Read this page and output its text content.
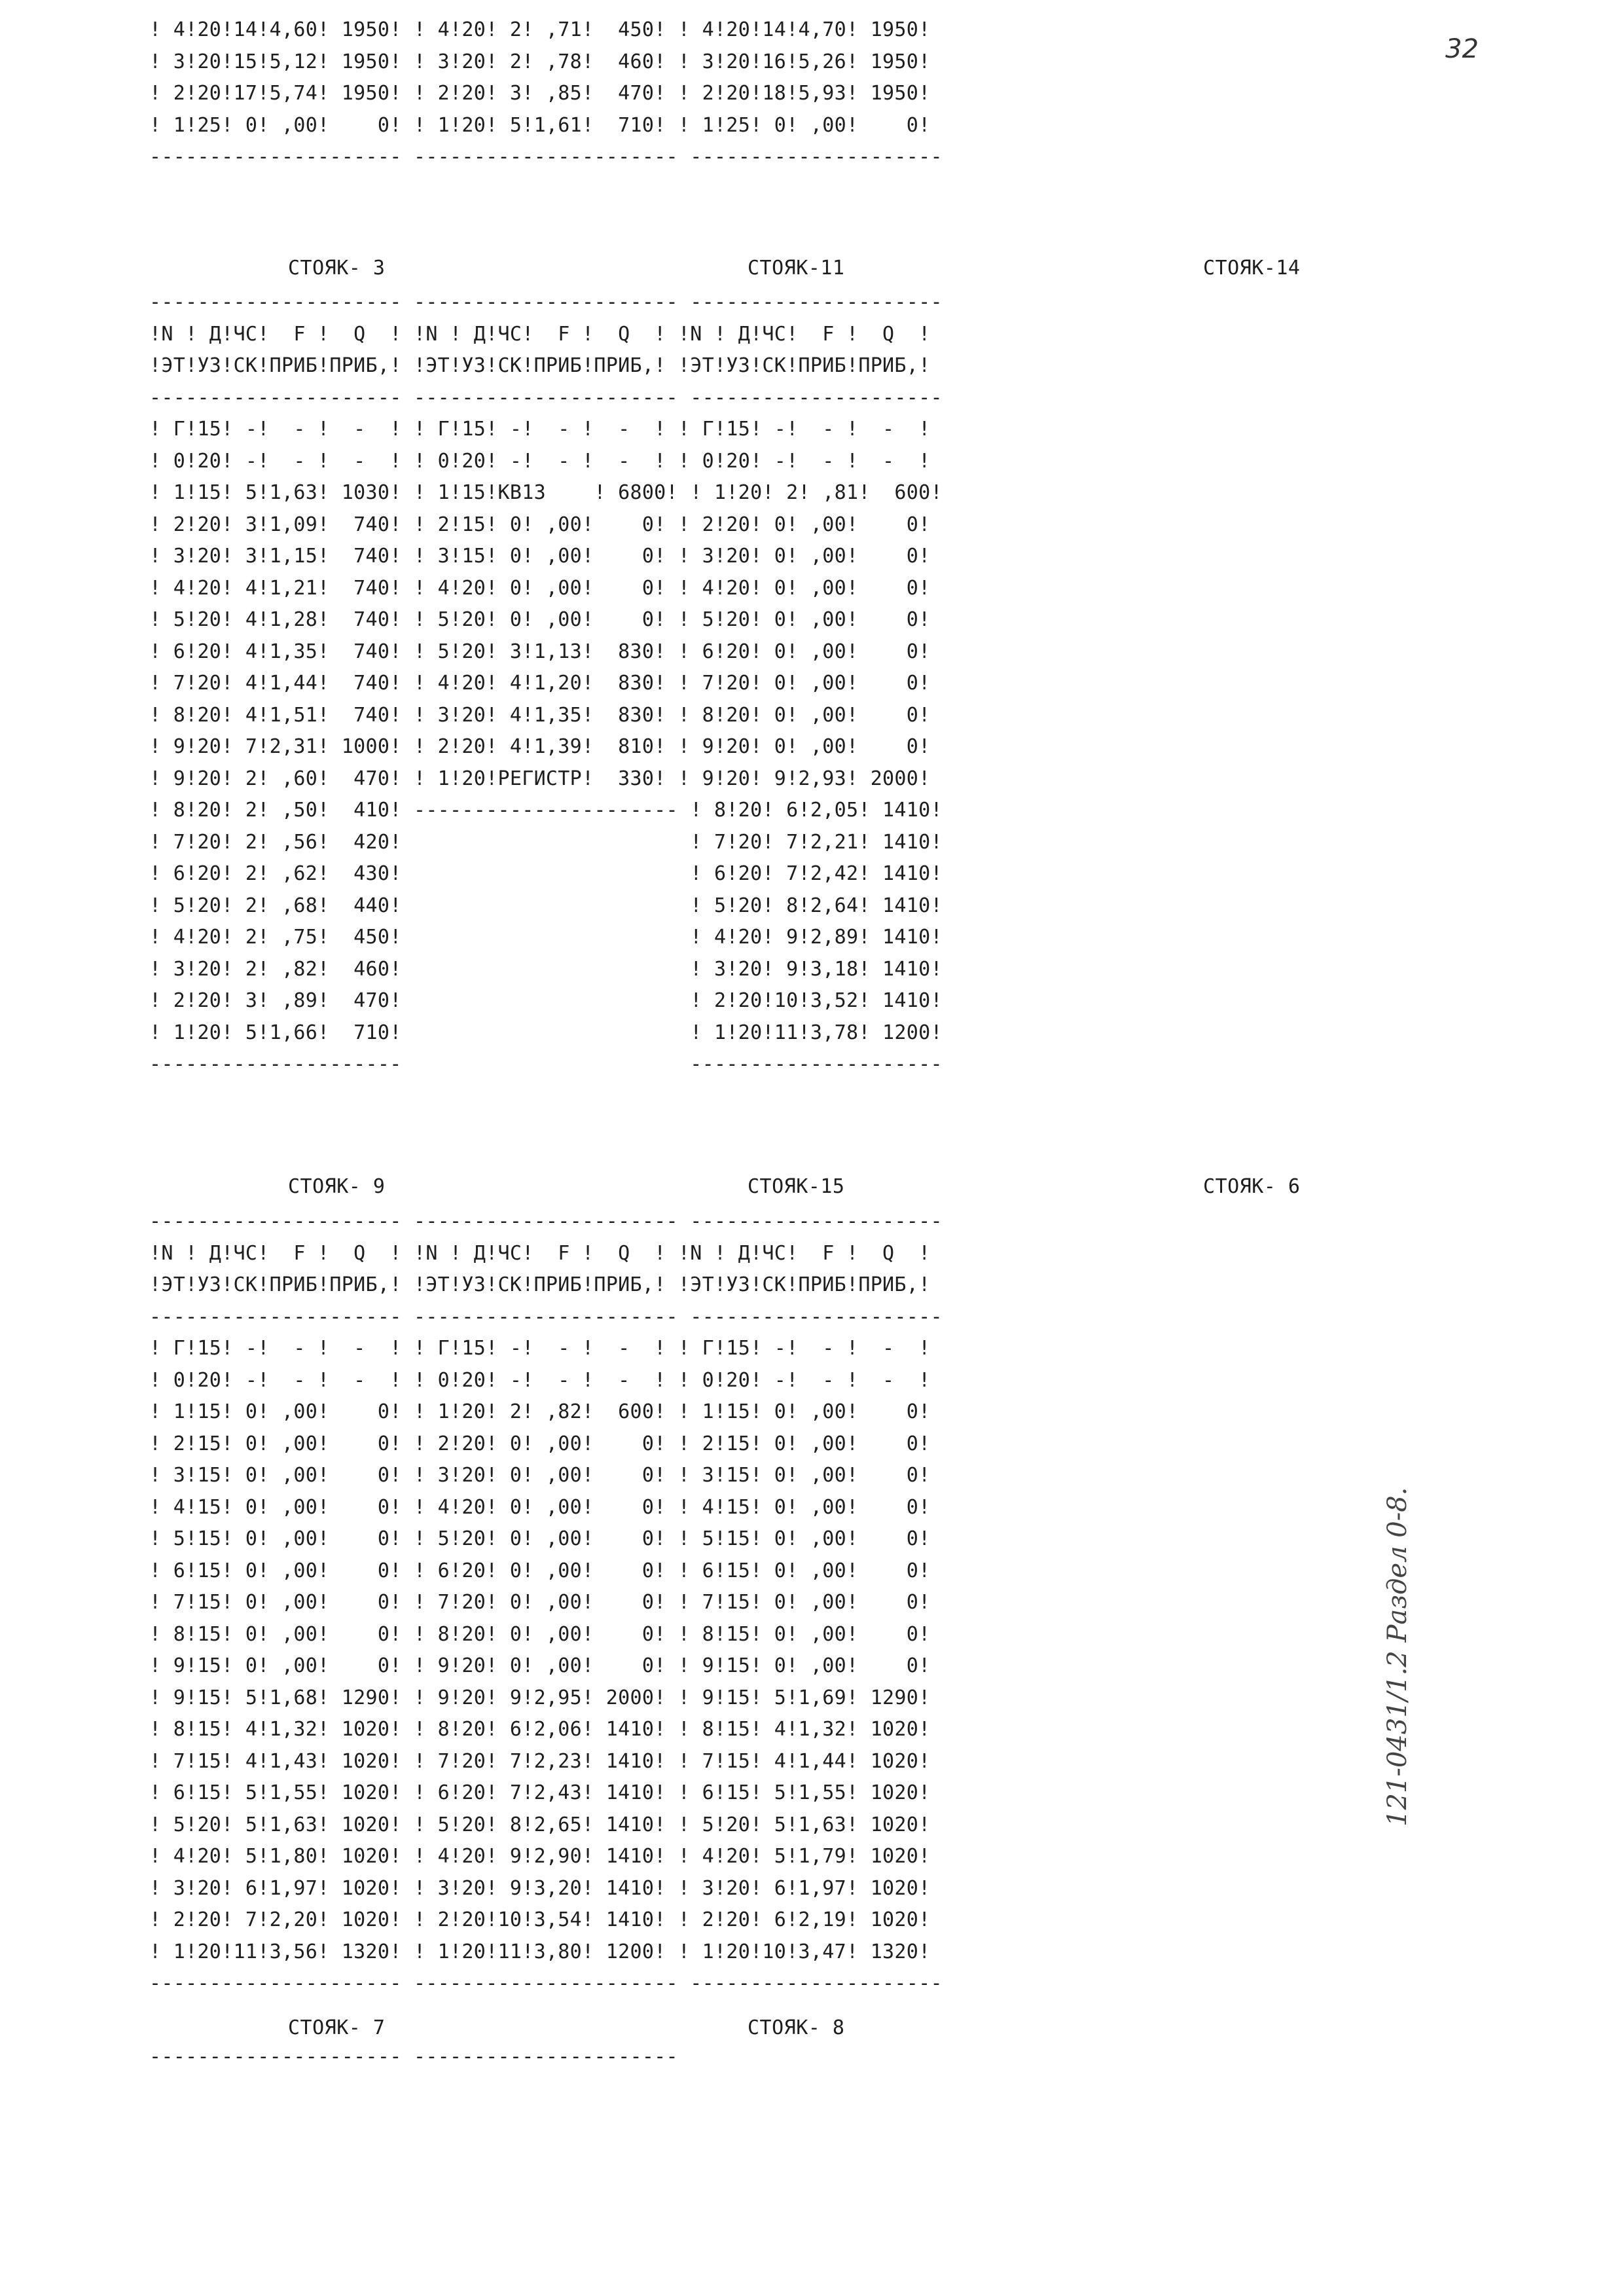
32
! 4!20!14!4,60! 1950! ! 4!20! 2! ,71!  450! ! 4!20!14!4,70! 1950!
! 3!20!15!5,12! 1950! ! 3!20! 2! ,78!  460! ! 3!20!16!5,26! 1950!
! 2!20!17!5,74! 1950! ! 2!20! 3! ,85!  470! ! 2!20!18!5,93! 1950!
! 1!25! 0! ,00!    0! ! 1!20! 5!1,61!  710! ! 1!25! 0! ,00!    0!
--------------------- ---------------------- ---------------------
СТОЯК- 3	СТОЯК-11	СТОЯК-14
--------------------- ---------------------- ---------------------
!N ! Д!ЧС!  F !  Q  ! !N ! Д!ЧС!  F !  Q  ! !N ! Д!ЧС!  F !  Q  !
!ЭТ!УЗ!СК!ПРИБ!ПРИБ,! !ЭТ!УЗ!СК!ПРИБ!ПРИБ,! !ЭТ!УЗ!СК!ПРИБ!ПРИБ,!
--------------------- ---------------------- ---------------------
! Г!15! -!  - !  -  ! ! Г!15! -!  - !  -  ! ! Г!15! -!  - !  -  !
! 0!20! -!  - !  -  ! ! 0!20! -!  - !  -  ! ! 0!20! -!  - !  -  !
! 1!15! 5!1,63! 1030! ! 1!15!КВ13    ! 6800! ! 1!20! 2! ,81!  600!
! 2!20! 3!1,09!  740! ! 2!15! 0! ,00!    0! ! 2!20! 0! ,00!    0!
! 3!20! 3!1,15!  740! ! 3!15! 0! ,00!    0! ! 3!20! 0! ,00!    0!
! 4!20! 4!1,21!  740! ! 4!20! 0! ,00!    0! ! 4!20! 0! ,00!    0!
! 5!20! 4!1,28!  740! ! 5!20! 0! ,00!    0! ! 5!20! 0! ,00!    0!
! 6!20! 4!1,35!  740! ! 5!20! 3!1,13!  830! ! 6!20! 0! ,00!    0!
! 7!20! 4!1,44!  740! ! 4!20! 4!1,20!  830! ! 7!20! 0! ,00!    0!
! 8!20! 4!1,51!  740! ! 3!20! 4!1,35!  830! ! 8!20! 0! ,00!    0!
! 9!20! 7!2,31! 1000! ! 2!20! 4!1,39!  810! ! 9!20! 0! ,00!    0!
! 9!20! 2! ,60!  470! ! 1!20!РЕГИСТР!  330! ! 9!20! 9!2,93! 2000!
! 8!20! 2! ,50!  410! ---------------------- ! 8!20! 6!2,05! 1410!
! 7!20! 2! ,56!  420!                        ! 7!20! 7!2,21! 1410!
! 6!20! 2! ,62!  430!                        ! 6!20! 7!2,42! 1410!
! 5!20! 2! ,68!  440!                        ! 5!20! 8!2,64! 1410!
! 4!20! 2! ,75!  450!                        ! 4!20! 9!2,89! 1410!
! 3!20! 2! ,82!  460!                        ! 3!20! 9!3,18! 1410!
! 2!20! 3! ,89!  470!                        ! 2!20!10!3,52! 1410!
! 1!20! 5!1,66!  710!                        ! 1!20!11!3,78! 1200!
---------------------                        ---------------------
СТОЯК- 9	СТОЯК-15	СТОЯК- 6
--------------------- ---------------------- ---------------------
!N ! Д!ЧС!  F !  Q  ! !N ! Д!ЧС!  F !  Q  ! !N ! Д!ЧС!  F !  Q  !
!ЭТ!УЗ!СК!ПРИБ!ПРИБ,! !ЭТ!УЗ!СК!ПРИБ!ПРИБ,! !ЭТ!УЗ!СК!ПРИБ!ПРИБ,!
--------------------- ---------------------- ---------------------
! Г!15! -!  - !  -  ! ! Г!15! -!  - !  -  ! ! Г!15! -!  - !  -  !
! 0!20! -!  - !  -  ! ! 0!20! -!  - !  -  ! ! 0!20! -!  - !  -  !
! 1!15! 0! ,00!    0! ! 1!20! 2! ,82!  600! ! 1!15! 0! ,00!    0!
! 2!15! 0! ,00!    0! ! 2!20! 0! ,00!    0! ! 2!15! 0! ,00!    0!
! 3!15! 0! ,00!    0! ! 3!20! 0! ,00!    0! ! 3!15! 0! ,00!    0!
! 4!15! 0! ,00!    0! ! 4!20! 0! ,00!    0! ! 4!15! 0! ,00!    0!
! 5!15! 0! ,00!    0! ! 5!20! 0! ,00!    0! ! 5!15! 0! ,00!    0!
! 6!15! 0! ,00!    0! ! 6!20! 0! ,00!    0! ! 6!15! 0! ,00!    0!
! 7!15! 0! ,00!    0! ! 7!20! 0! ,00!    0! ! 7!15! 0! ,00!    0!
! 8!15! 0! ,00!    0! ! 8!20! 0! ,00!    0! ! 8!15! 0! ,00!    0!
! 9!15! 0! ,00!    0! ! 9!20! 0! ,00!    0! ! 9!15! 0! ,00!    0!
! 9!15! 5!1,68! 1290! ! 9!20! 9!2,95! 2000! ! 9!15! 5!1,69! 1290!
! 8!15! 4!1,32! 1020! ! 8!20! 6!2,06! 1410! ! 8!15! 4!1,32! 1020!
! 7!15! 4!1,43! 1020! ! 7!20! 7!2,23! 1410! ! 7!15! 4!1,44! 1020!
! 6!15! 5!1,55! 1020! ! 6!20! 7!2,43! 1410! ! 6!15! 5!1,55! 1020!
! 5!20! 5!1,63! 1020! ! 5!20! 8!2,65! 1410! ! 5!20! 5!1,63! 1020!
! 4!20! 5!1,80! 1020! ! 4!20! 9!2,90! 1410! ! 4!20! 5!1,79! 1020!
! 3!20! 6!1,97! 1020! ! 3!20! 9!3,20! 1410! ! 3!20! 6!1,97! 1020!
! 2!20! 7!2,20! 1020! ! 2!20!10!3,54! 1410! ! 2!20! 6!2,19! 1020!
! 1!20!11!3,56! 1320! ! 1!20!11!3,80! 1200! ! 1!20!10!3,47! 1320!
--------------------- ---------------------- ---------------------
СТОЯК- 7	СТОЯК- 8
--------------------- ----------------------
121-0431/1.2 Раздел 0-8.
